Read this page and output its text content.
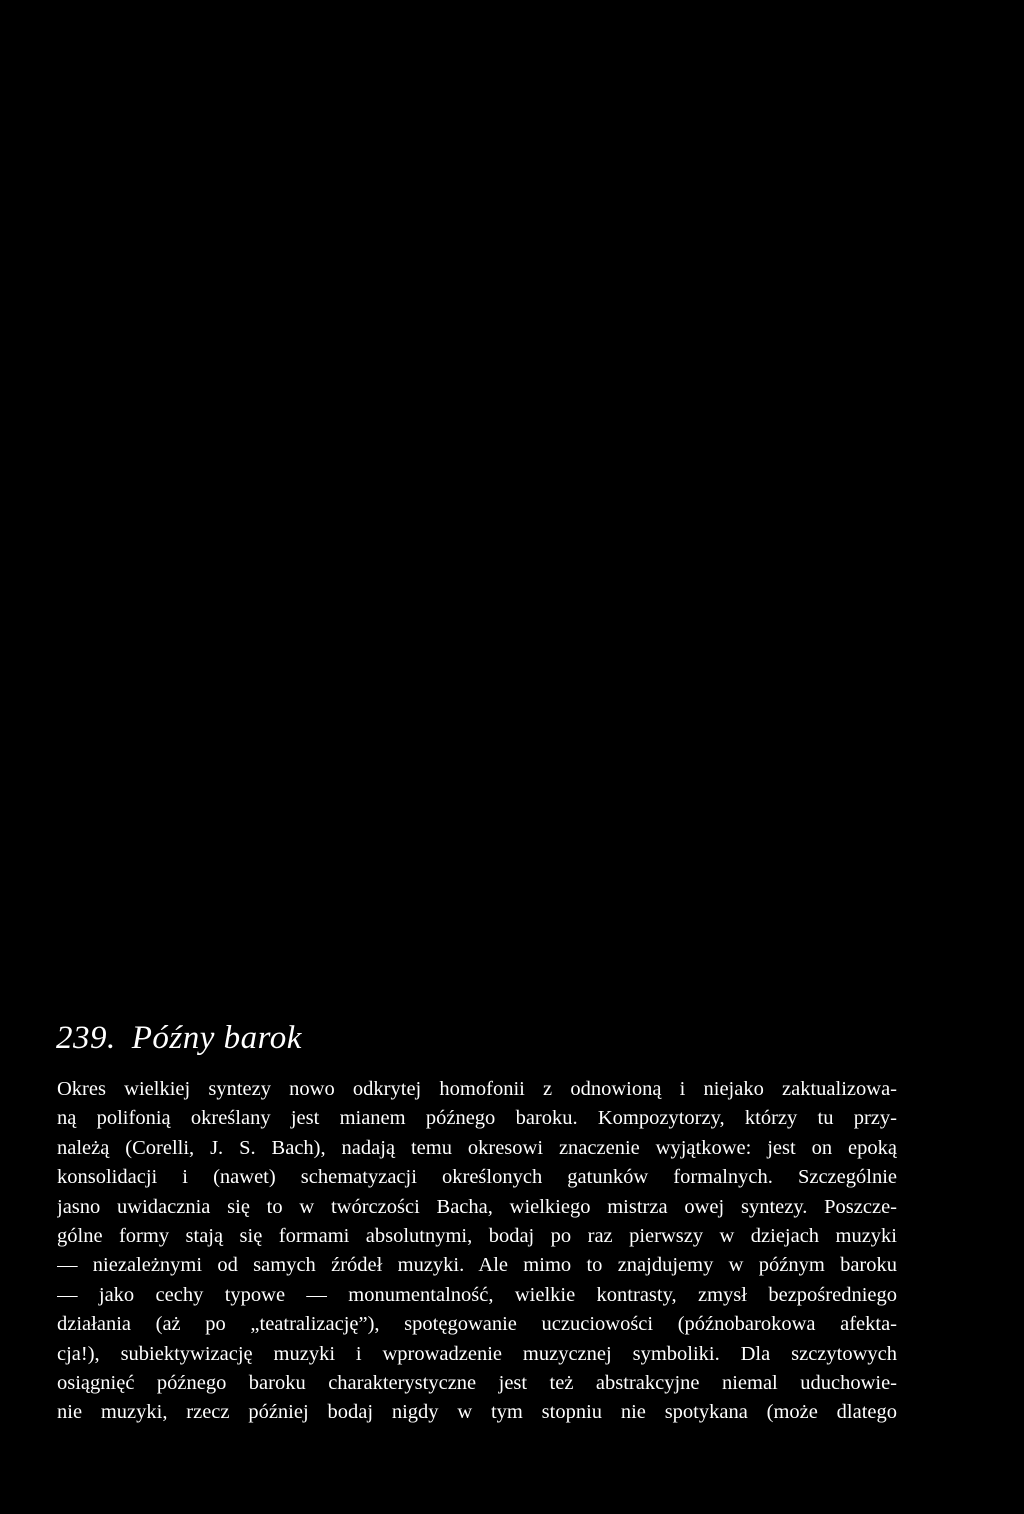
239. Późny barok
Okres wielkiej syntezy nowo odkrytej homofonii z odnowioną i niejako zaktualizowa-
ną polifonią określany jest mianem późnego baroku. Kompozytorzy, którzy tu przy-
należą (Corelli, J. S. Bach), nadają temu okresowi znaczenie wyjątkowe: jest on epoką
konsolidacji i (nawet) schematyzacji określonych gatunków formalnych. Szczególnie
jasno uwidacznia się to w twórczości Bacha, wielkiego mistrza owej syntezy. Poszcze-
gólne formy stają się formami absolutnymi, bodaj po raz pierwszy w dziejach muzyki
— niezależnymi od samych źródeł muzyki. Ale mimo to znajdujemy w późnym baroku
— jako cechy typowe — monumentalność, wielkie kontrasty, zmysł bezpośredniego
działania (aż po „teatralizację”), spotęgowanie uczuciowości (późnobarokowa afekta-
cja!), subiektywizację muzyki i wprowadzenie muzycznej symboliki. Dla szczytowych
osiągnięć późnego baroku charakterystyczne jest też abstrakcyjne niemal uduchowie-
nie muzyki, rzecz później bodaj nigdy w tym stopniu nie spotykana (może dlatego
